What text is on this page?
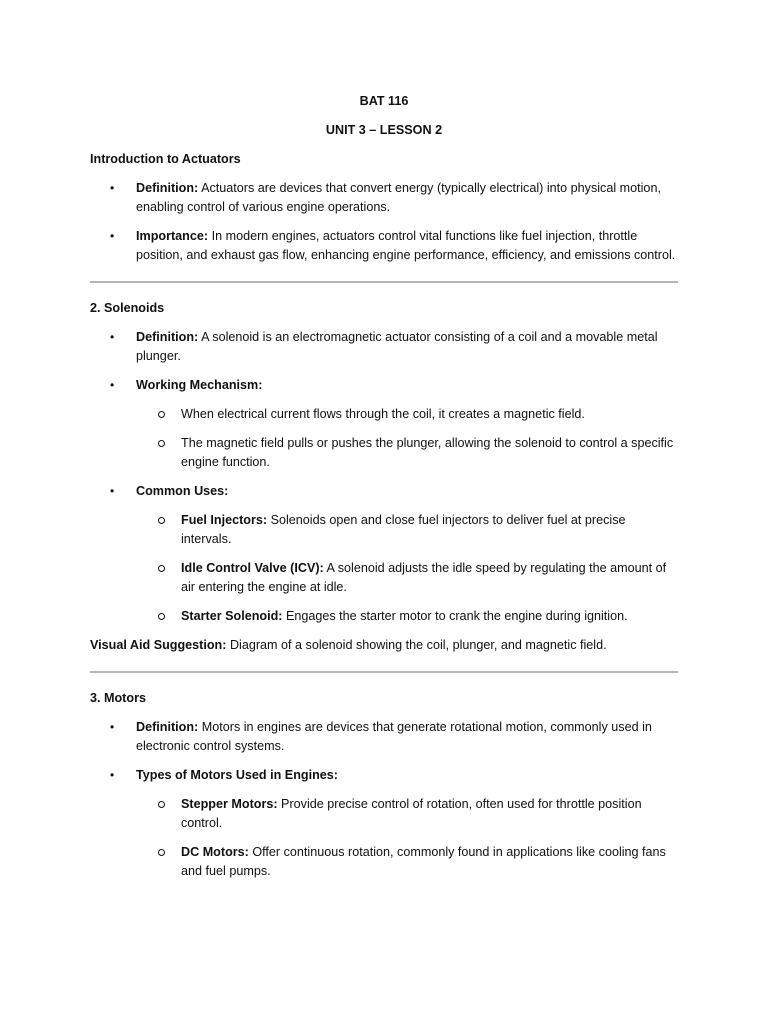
BAT 116
UNIT 3 – LESSON 2
Introduction to Actuators
• Definition: Actuators are devices that convert energy (typically electrical) into physical motion, enabling control of various engine operations.
• Importance: In modern engines, actuators control vital functions like fuel injection, throttle position, and exhaust gas flow, enhancing engine performance, efficiency, and emissions control.
2. Solenoids
• Definition: A solenoid is an electromagnetic actuator consisting of a coil and a movable metal plunger.
• Working Mechanism:
When electrical current flows through the coil, it creates a magnetic field.
The magnetic field pulls or pushes the plunger, allowing the solenoid to control a specific engine function.
• Common Uses:
Fuel Injectors: Solenoids open and close fuel injectors to deliver fuel at precise intervals.
Idle Control Valve (ICV): A solenoid adjusts the idle speed by regulating the amount of air entering the engine at idle.
Starter Solenoid: Engages the starter motor to crank the engine during ignition.
Visual Aid Suggestion: Diagram of a solenoid showing the coil, plunger, and magnetic field.
3. Motors
• Definition: Motors in engines are devices that generate rotational motion, commonly used in electronic control systems.
• Types of Motors Used in Engines:
Stepper Motors: Provide precise control of rotation, often used for throttle position control.
DC Motors: Offer continuous rotation, commonly found in applications like cooling fans and fuel pumps.
